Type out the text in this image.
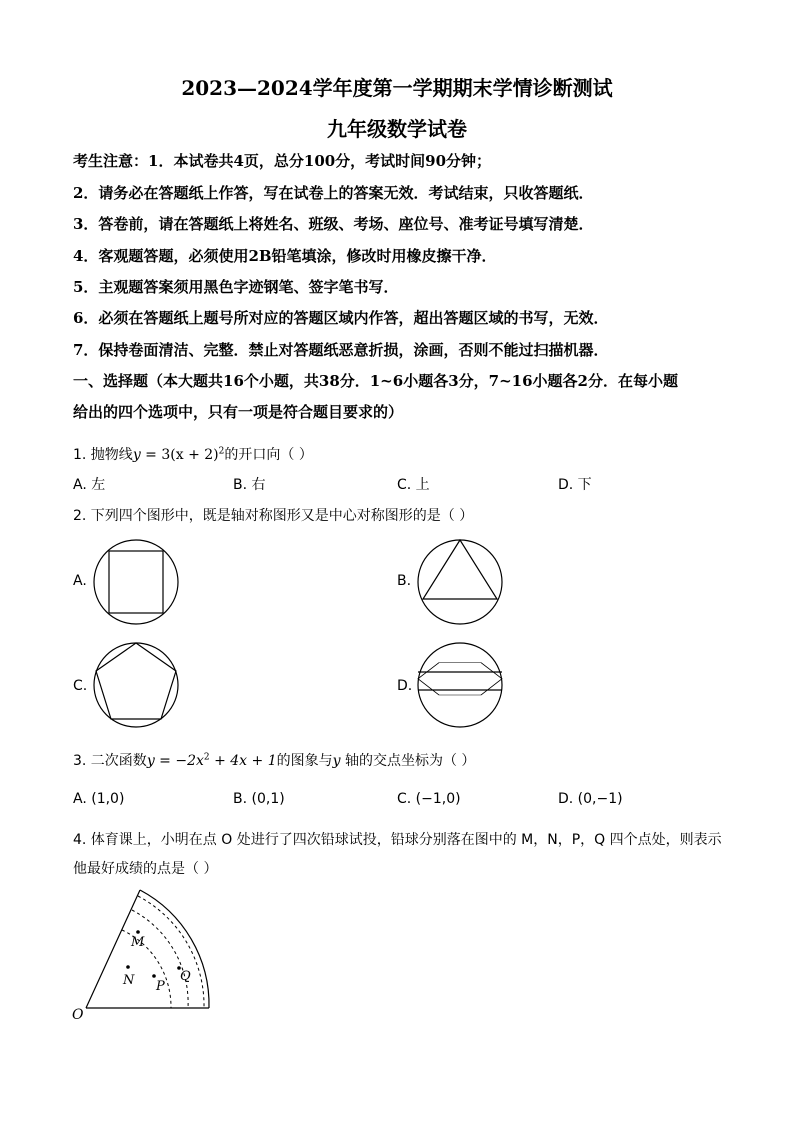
2023—2024学年度第一学期期末学情诊断测试
九年级数学试卷
考生注意：1．本试卷共4页，总分100分，考试时间90分钟；
2．请务必在答题纸上作答，写在试卷上的答案无效．考试结束，只收答题纸．
3．答卷前，请在答题纸上将姓名、班级、考场、座位号、准考证号填写清楚．
4．客观题答题，必须使用2B铅笔填涂，修改时用橡皮擦干净．
5．主观题答案须用黑色字迹钢笔、签字笔书写．
6．必须在答题纸上题号所对应的答题区域内作答，超出答题区域的书写，无效．
7．保持卷面清洁、完整．禁止对答题纸恶意折损，涂画，否则不能过扫描机器．
一、选择题（本大题共16个小题，共38分．1~6小题各3分，7~16小题各2分．在每小题
给出的四个选项中，只有一项是符合题目要求的）
1. 抛物线$y = 3(x + 2)^2$的开口向（ ）
A. 左	B. 右	C. 上	D. 下
2. 下列四个图形中，既是轴对称图形又是中心对称图形的是（ ）
A.	B.
C.	D.
3. 二次函数$y = -2x^2 + 4x + 1$的图象与y 轴的交点坐标为（ ）
A. (1,0)	B. (0,1)	C. (−1,0)	D. (0,−1)
4. 体育课上，小明在点 O 处进行了四次铅球试投，铅球分别落在图中的 M，N，P，Q 四个点处，则表示
他最好成绩的点是（ ）
M
N P
Q
O
